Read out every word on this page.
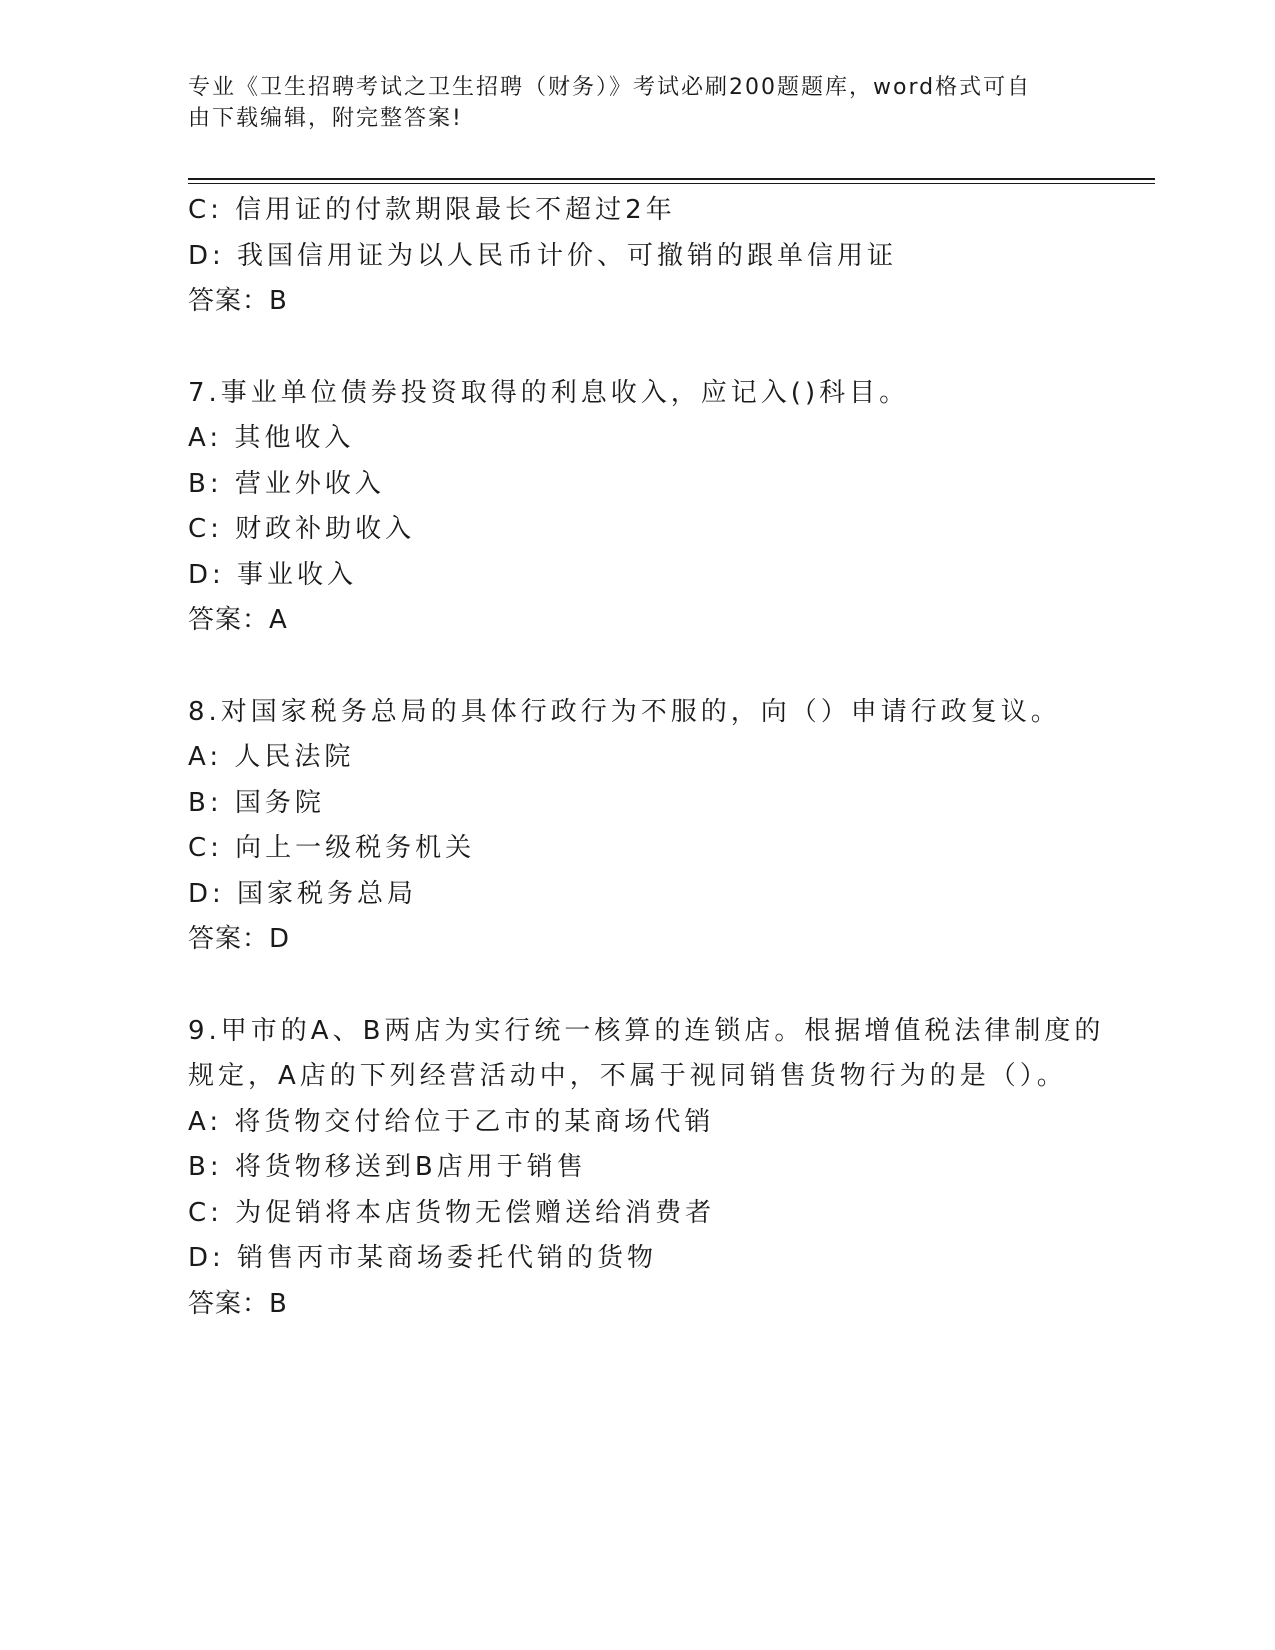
专业《卫生招聘考试之卫生招聘（财务）》考试必刷200题题库，word格式可自
由下载编辑，附完整答案!
C: 信用证的付款期限最长不超过2年
D: 我国信用证为以人民币计价、可撤销的跟单信用证
答案：B
7.事业单位债券投资取得的利息收入，应记入()科目。
A: 其他收入
B: 营业外收入
C: 财政补助收入
D: 事业收入
答案：A
8.对国家税务总局的具体行政行为不服的，向（）申请行政复议。
A: 人民法院
B: 国务院
C: 向上一级税务机关
D: 国家税务总局
答案：D
9.甲市的A、B两店为实行统一核算的连锁店。根据增值税法律制度的
规定，A店的下列经营活动中，不属于视同销售货物行为的是（）。
A: 将货物交付给位于乙市的某商场代销
B: 将货物移送到B店用于销售
C: 为促销将本店货物无偿赠送给消费者
D: 销售丙市某商场委托代销的货物
答案：B
